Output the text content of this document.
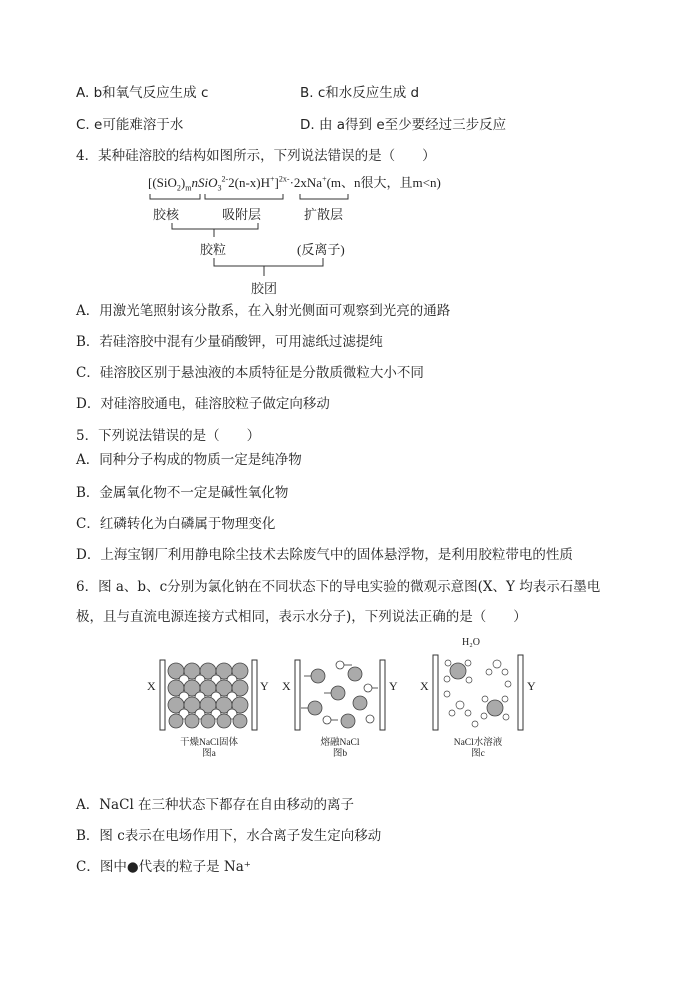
A. b和氧气反应生成 c	B. c和水反应生成 d
C. e可能难溶于水	D. 由 a得到 e至少要经过三步反应
4．某种硅溶胶的结构如图所示，下列说法错误的是（　　）
$[(SiO_2)_mnSiO_3^{2-}2(n-x)H^+]^{2x-}\cdot 2xNa^+(m$、n很大，且m<n)
胶核	吸附层	扩散层
胶粒	(反离子)
胶团
A．用激光笔照射该分散系，在入射光侧面可观察到光亮的通路
B．若硅溶胶中混有少量硝酸钾，可用滤纸过滤提纯
C．硅溶胶区别于悬浊液的本质特征是分散质微粒大小不同
D．对硅溶胶通电，硅溶胶粒子做定向移动
5．下列说法错误的是（　　）
A．同种分子构成的物质一定是纯净物
B．金属氧化物不一定是碱性氧化物
C．红磷转化为白磷属于物理变化
D．上海宝钢厂利用静电除尘技术去除废气中的固体悬浮物，是利用胶粒带电的性质
6．图 a、b、c分别为氯化钠在不同状态下的导电实验的微观示意图(X、Y 均表示石墨电
极，且与直流电源连接方式相同，表示水分子)，下列说法正确的是（　　）
X	Y X	Y X	Y
H₂O
干燥NaCl固体
图a
熔融NaCl
图b
NaCl水溶液
图c
A．NaCl 在三种状态下都存在自由移动的离子
B．图 c表示在电场作用下，水合离子发生定向移动
C．图中●代表的粒子是 Na⁺
